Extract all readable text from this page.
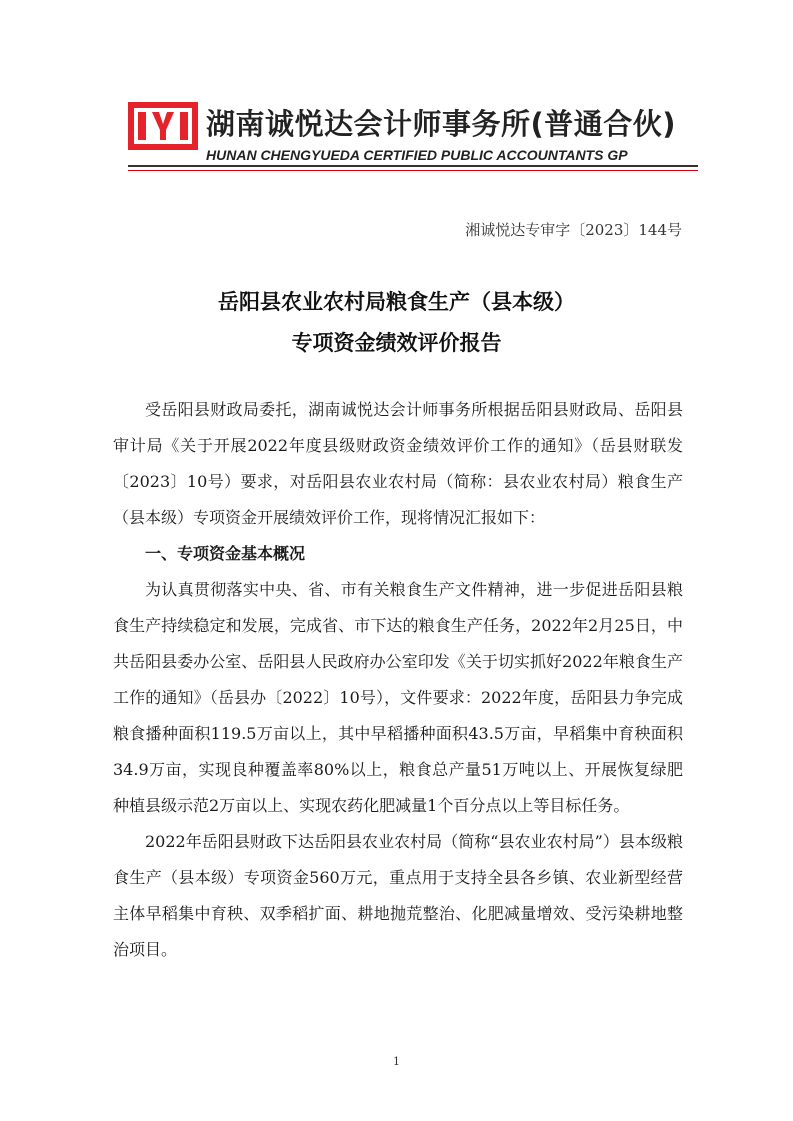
湖南诚悦达会计师事务所(普通合伙)
HUNAN CHENGYUEDA CERTIFIED PUBLIC ACCOUNTANTS GP
湘诚悦达专审字〔2023〕144号
岳阳县农业农村局粮食生产（县本级）
专项资金绩效评价报告

受岳阳县财政局委托，湖南诚悦达会计师事务所根据岳阳县财政局、岳阳县审计局《关于开展2022年度县级财政资金绩效评价工作的通知》（岳县财联发〔2023〕10号）要求，对岳阳县农业农村局（简称：县农业农村局）粮食生产（县本级）专项资金开展绩效评价工作，现将情况汇报如下：

一、专项资金基本概况

为认真贯彻落实中央、省、市有关粮食生产文件精神，进一步促进岳阳县粮食生产持续稳定和发展，完成省、市下达的粮食生产任务，2022年2月25日，中共岳阳县委办公室、岳阳县人民政府办公室印发《关于切实抓好2022年粮食生产工作的通知》（岳县办〔2022〕10号），文件要求：2022年度，岳阳县力争完成粮食播种面积119.5万亩以上，其中早稻播种面积43.5万亩，早稻集中育秧面积34.9万亩，实现良种覆盖率80%以上，粮食总产量51万吨以上、开展恢复绿肥种植县级示范2万亩以上、实现农药化肥减量1个百分点以上等目标任务。

2022年岳阳县财政下达岳阳县农业农村局（简称“县农业农村局”）县本级粮食生产（县本级）专项资金560万元，重点用于支持全县各乡镇、农业新型经营主体早稻集中育秧、双季稻扩面、耕地抛荒整治、化肥减量增效、受污染耕地整治项目。

1
